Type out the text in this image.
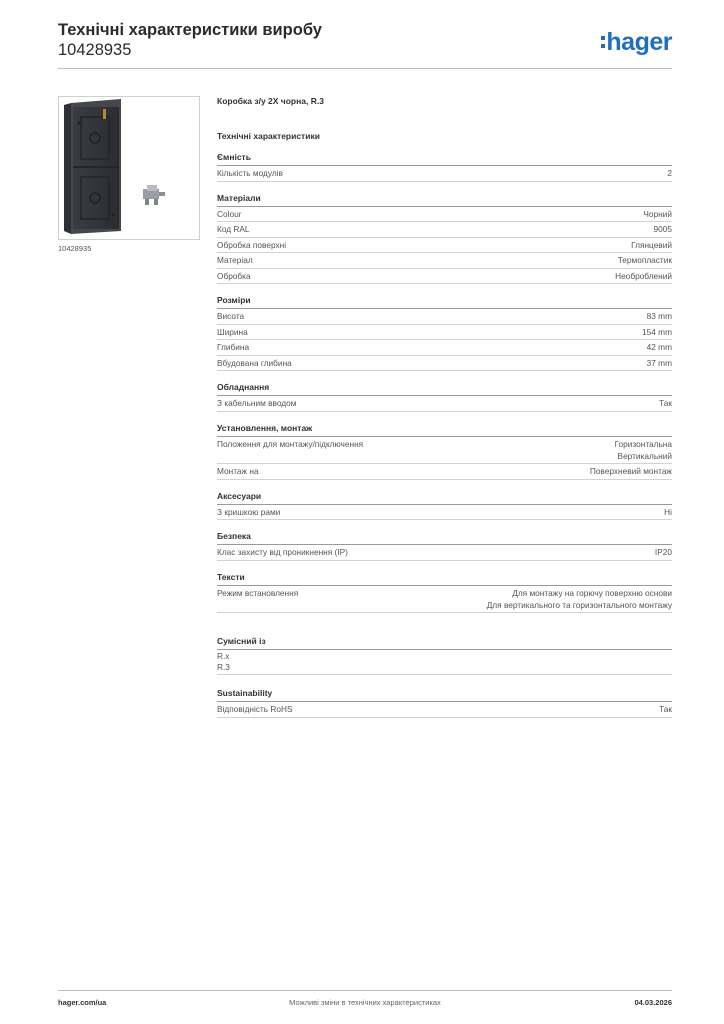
Технічні характеристики виробу
10428935	hager
10428935
Коробка з/у 2Х чорна, R.3
Технічні характеристики
Ємність
Кількість модулів	2
Матеріали
Colour	Чорний
Код RAL	9005
Обробка поверхні	Глянцевий
Матеріал	Термопластик
Обробка	Необроблений
Розміри
Висота	83 mm
Ширина	154 mm
Глибина	42 mm
Вбудована глибина	37 mm
Обладнання
З кабельним вводом	Так
Установлення, монтаж
Положення для монтажу/підключення	Горизонтальна
Вертикальний
Монтаж на	Поверхневий монтаж
Аксесуари
З кришкою рами	Ні
Безпека
Клас захисту від проникнення (IP)	IP20
Тексти
Режим встановлення	Для монтажу на горючу поверхню основи
Для вертикального та горизонтального монтажу
Сумісний із
R.x
R.3
Sustainability
Відповідність RoHS	Так
hager.com/ua	Можливі зміни в технічних характеристиках	04.03.2026
